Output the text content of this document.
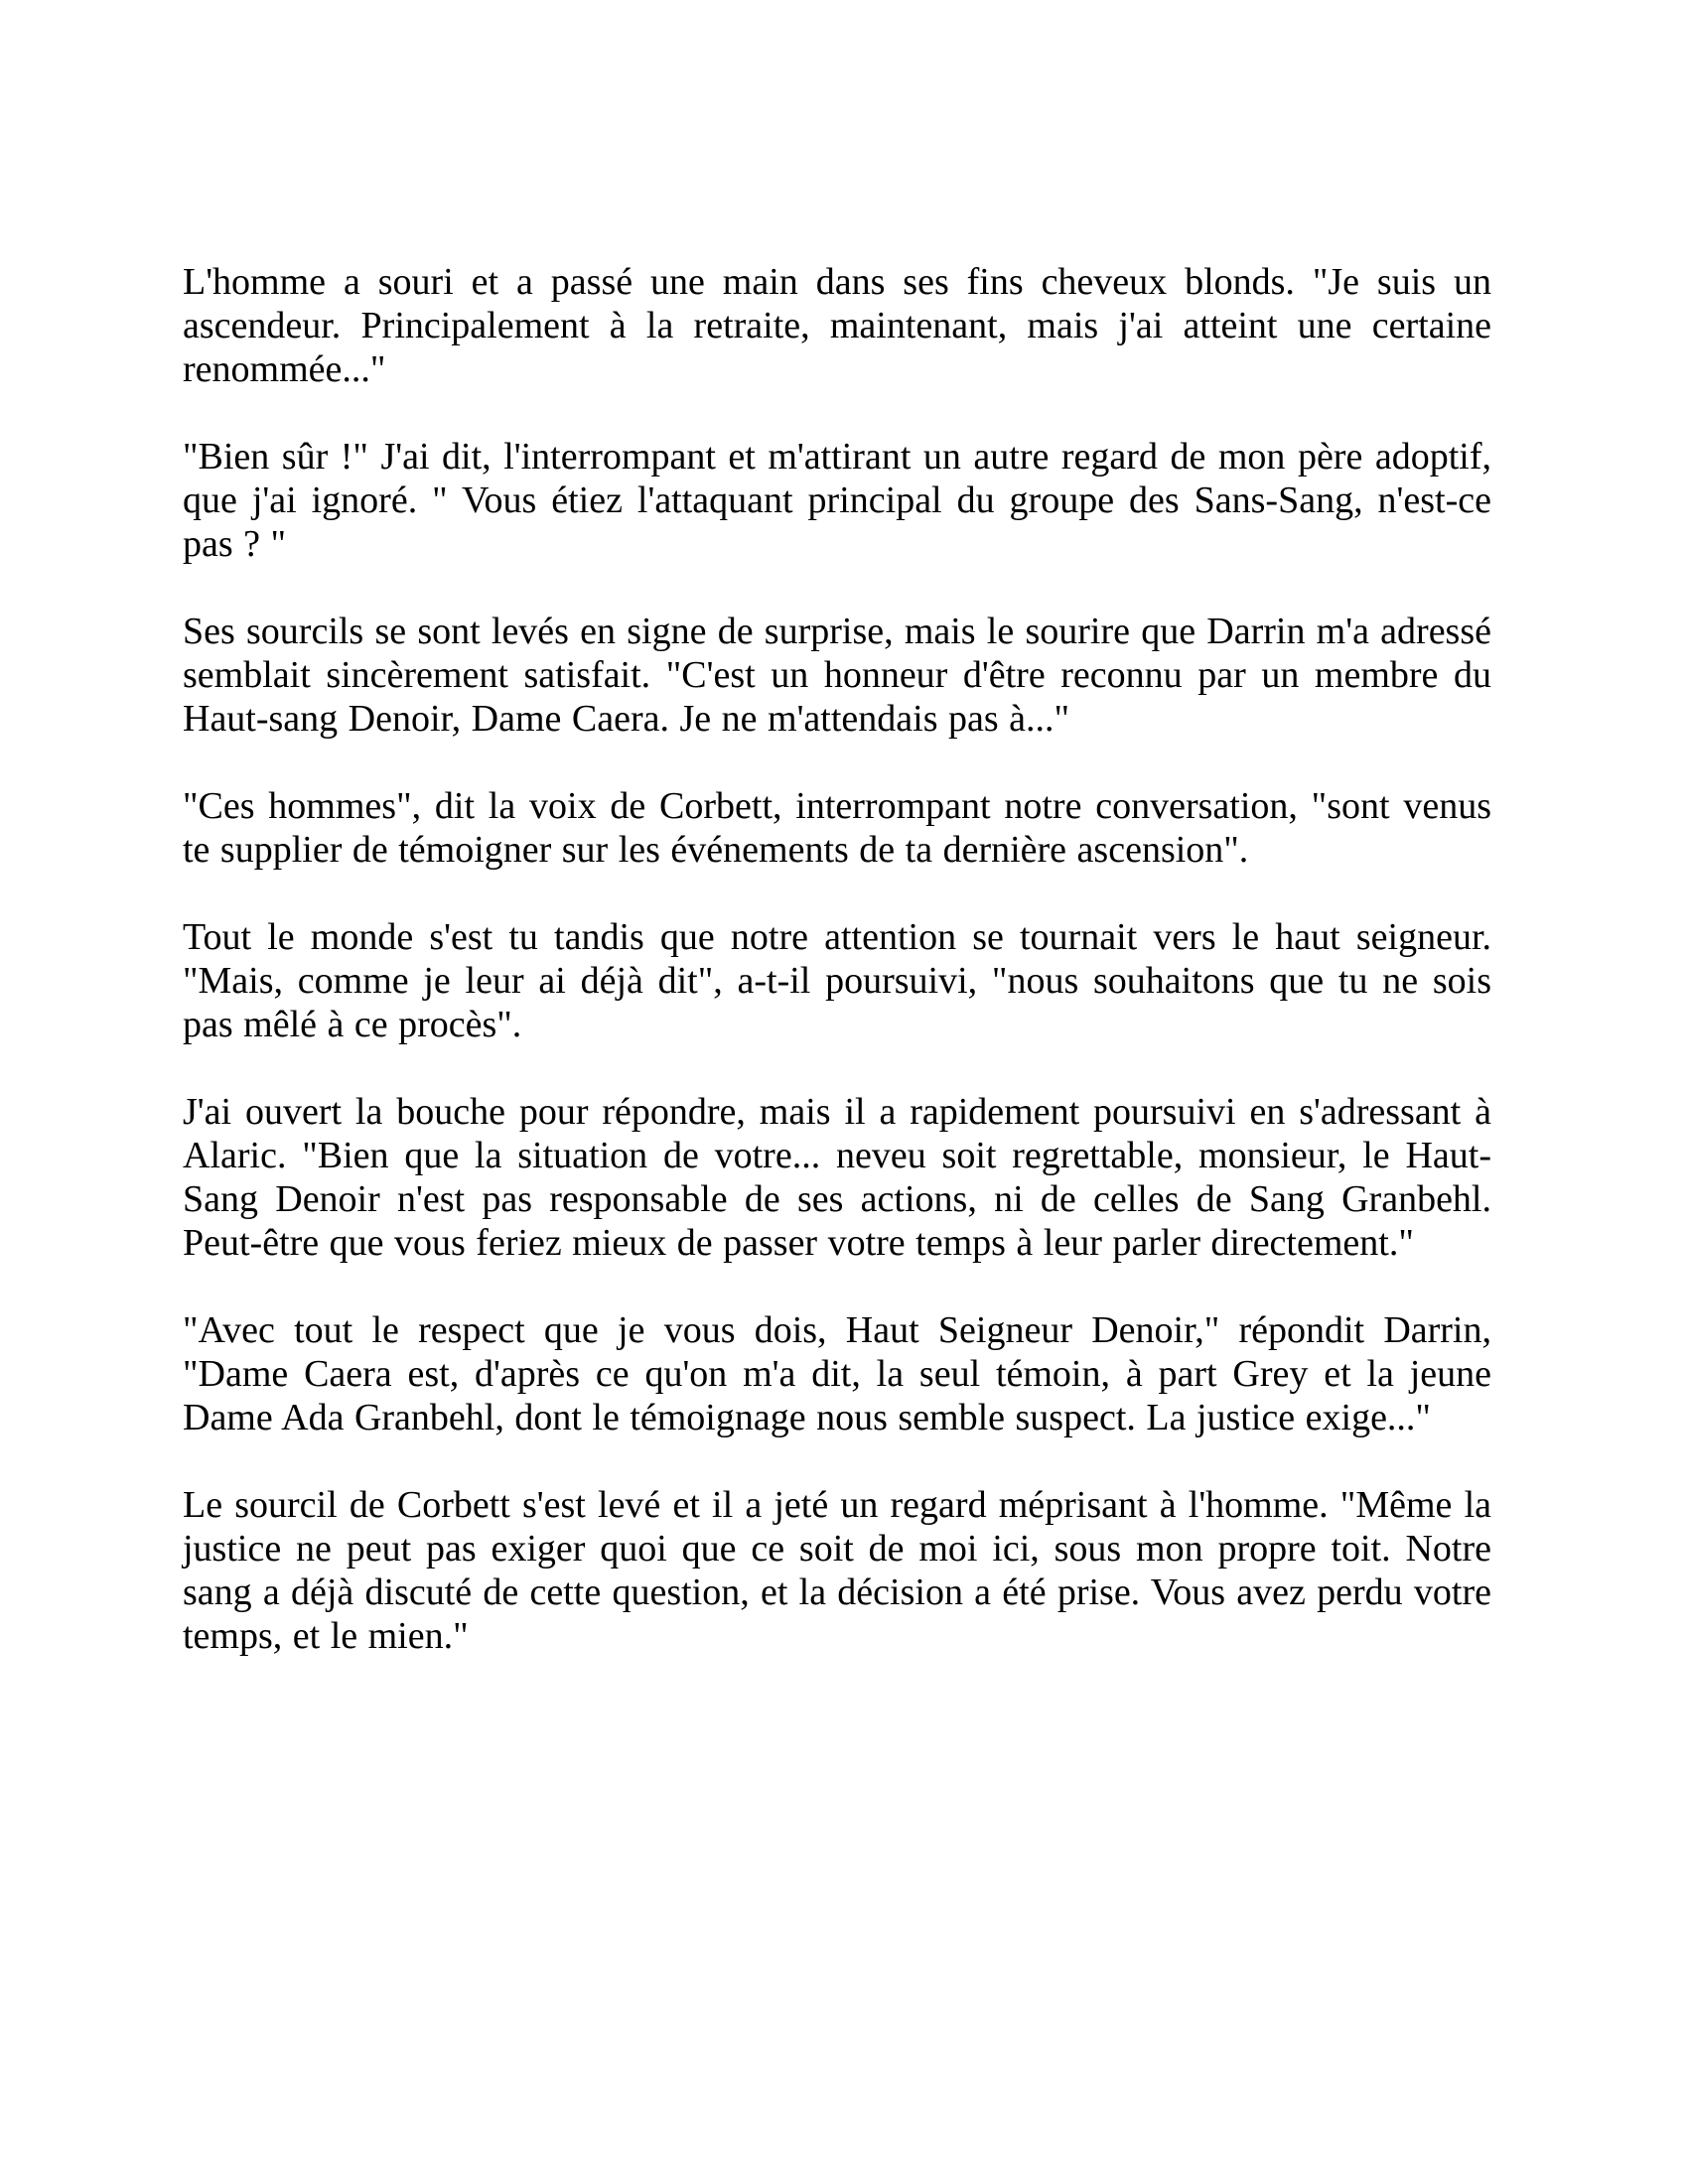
L'homme a souri et a passé une main dans ses fins cheveux blonds. "Je suis un ascendeur. Principalement à la retraite, maintenant, mais j'ai atteint une certaine renommée..."

"Bien sûr !" J'ai dit, l'interrompant et m'attirant un autre regard de mon père adoptif, que j'ai ignoré. " Vous étiez l'attaquant principal du groupe des Sans-Sang, n'est-ce pas ? "

Ses sourcils se sont levés en signe de surprise, mais le sourire que Darrin m'a adressé semblait sincèrement satisfait. "C'est un honneur d'être reconnu par un membre du Haut-sang Denoir, Dame Caera. Je ne m'attendais pas à..."

"Ces hommes", dit la voix de Corbett, interrompant notre conversation, "sont venus te supplier de témoigner sur les événements de ta dernière ascension".

Tout le monde s'est tu tandis que notre attention se tournait vers le haut seigneur. "Mais, comme je leur ai déjà dit", a-t-il poursuivi, "nous souhaitons que tu ne sois pas mêlé à ce procès".

J'ai ouvert la bouche pour répondre, mais il a rapidement poursuivi en s'adressant à Alaric. "Bien que la situation de votre... neveu soit regrettable, monsieur, le Haut-Sang Denoir n'est pas responsable de ses actions, ni de celles de Sang Granbehl. Peut-être que vous feriez mieux de passer votre temps à leur parler directement."

"Avec tout le respect que je vous dois, Haut Seigneur Denoir," répondit Darrin, "Dame Caera est, d'après ce qu'on m'a dit, la seul témoin, à part Grey et la jeune Dame Ada Granbehl, dont le témoignage nous semble suspect. La justice exige..."

Le sourcil de Corbett s'est levé et il a jeté un regard méprisant à l'homme. "Même la justice ne peut pas exiger quoi que ce soit de moi ici, sous mon propre toit. Notre sang a déjà discuté de cette question, et la décision a été prise. Vous avez perdu votre temps, et le mien."
